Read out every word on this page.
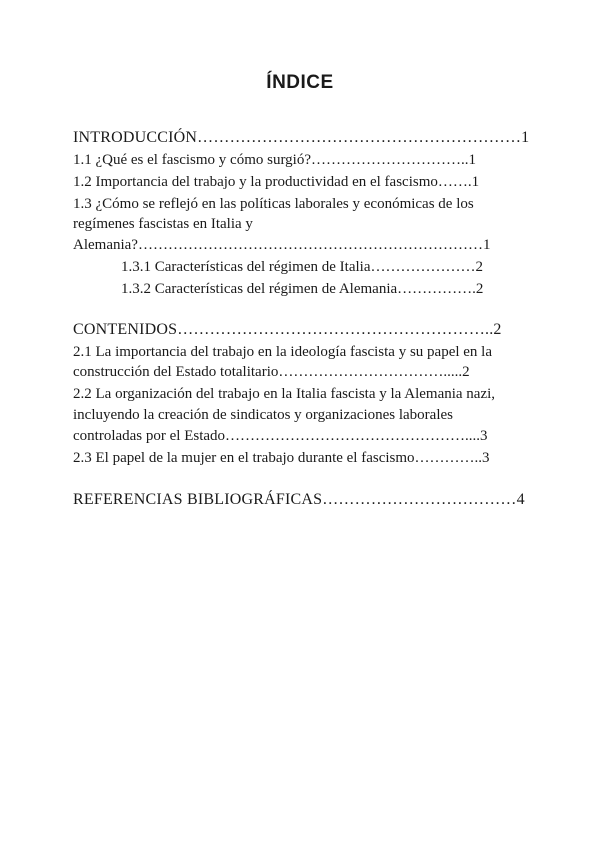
ÍNDICE
INTRODUCCIÓN……………………………………………………1
1.1 ¿Qué es el fascismo y cómo surgió?…………………………..1
1.2 Importancia del trabajo y la productividad en el fascismo…….1
1.3 ¿Cómo se reflejó en las políticas laborales y económicas de los
regímenes fascistas en Italia y
Alemania?……………………………………………………………1
1.3.1 Características del régimen de Italia…………………2
1.3.2 Características del régimen de Alemania…………….2
CONTENIDOS…………………………………………………..2
2.1 La importancia del trabajo en la ideología fascista y su papel en la
construcción del Estado totalitario…………………………….....2
2.2 La organización del trabajo en la Italia fascista y la Alemania nazi,
incluyendo la creación de sindicatos y organizaciones laborales
controladas por el Estado…………………………………………....3
2.3 El papel de la mujer en el trabajo durante el fascismo…………..3
REFERENCIAS BIBLIOGRÁFICAS………………………………4
